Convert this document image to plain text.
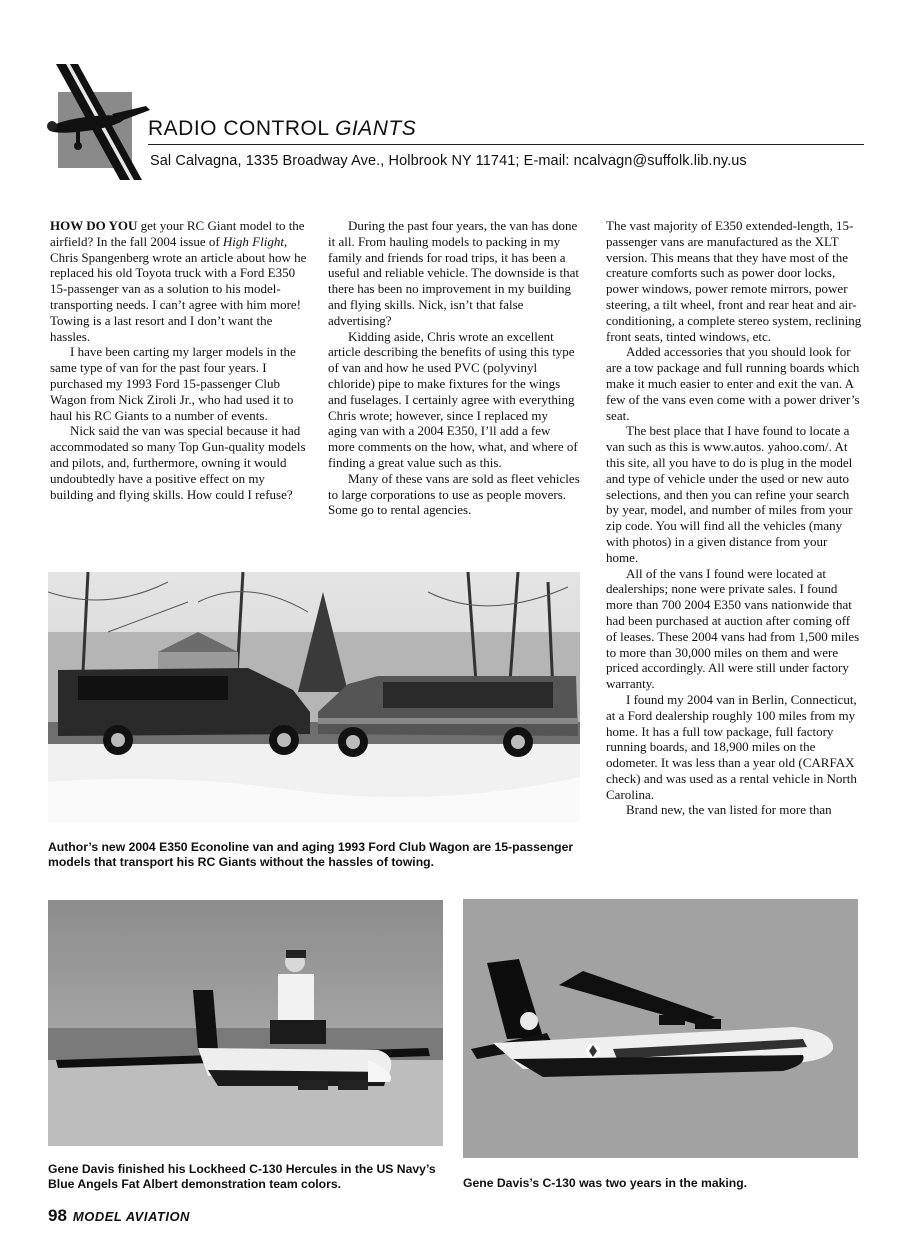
RADIO CONTROL GIANTS
Sal Calvagna, 1335 Broadway Ave., Holbrook NY 11741; E-mail: ncalvagn@suffolk.lib.ny.us

HOW DO YOU get your RC Giant model to the airfield? In the fall 2004 issue of High Flight, Chris Spangenberg wrote an article about how he replaced his old Toyota truck with a Ford E350 15-passenger van as a solution to his model-transporting needs. I can’t agree with him more! Towing is a last resort and I don’t want the hassles.

I have been carting my larger models in the same type of van for the past four years. I purchased my 1993 Ford 15-passenger Club Wagon from Nick Ziroli Jr., who had used it to haul his RC Giants to a number of events.

Nick said the van was special because it had accommodated so many Top Gun-quality models and pilots, and, furthermore, owning it would undoubtedly have a positive effect on my building and flying skills. How could I refuse?

During the past four years, the van has done it all. From hauling models to packing in my family and friends for road trips, it has been a useful and reliable vehicle. The downside is that there has been no improvement in my building and flying skills. Nick, isn’t that false advertising?

Kidding aside, Chris wrote an excellent article describing the benefits of using this type of van and how he used PVC (polyvinyl chloride) pipe to make fixtures for the wings and fuselages. I certainly agree with everything Chris wrote; however, since I replaced my aging van with a 2004 E350, I’ll add a few more comments on the how, what, and where of finding a great value such as this.

Many of these vans are sold as fleet vehicles to large corporations to use as people movers. Some go to rental agencies.

The vast majority of E350 extended-length, 15-passenger vans are manufactured as the XLT version. This means that they have most of the creature comforts such as power door locks, power windows, power remote mirrors, power steering, a tilt wheel, front and rear heat and air-conditioning, a complete stereo system, reclining front seats, tinted windows, etc.

Added accessories that you should look for are a tow package and full running boards which make it much easier to enter and exit the van. A few of the vans even come with a power driver’s seat.

The best place that I have found to locate a van such as this is www.autos. yahoo.com/. At this site, all you have to do is plug in the model and type of vehicle under the used or new auto selections, and then you can refine your search by year, model, and number of miles from your zip code. You will find all the vehicles (many with photos) in a given distance from your home.

All of the vans I found were located at dealerships; none were private sales. I found more than 700 2004 E350 vans nationwide that had been purchased at auction after coming off of leases. These 2004 vans had from 1,500 miles to more than 30,000 miles on them and were priced accordingly. All were still under factory warranty.

I found my 2004 van in Berlin, Connecticut, at a Ford dealership roughly 100 miles from my home. It has a full tow package, full factory running boards, and 18,900 miles on the odometer. It was less than a year old (CARFAX check) and was used as a rental vehicle in North Carolina.

Brand new, the van listed for more than

Author’s new 2004 E350 Econoline van and aging 1993 Ford Club Wagon are 15-passenger models that transport his RC Giants without the hassles of towing.
Gene Davis finished his Lockheed C-130 Hercules in the US Navy’s Blue Angels Fat Albert demonstration team colors.	Gene Davis’s C-130 was two years in the making.
98 MODEL AVIATION
